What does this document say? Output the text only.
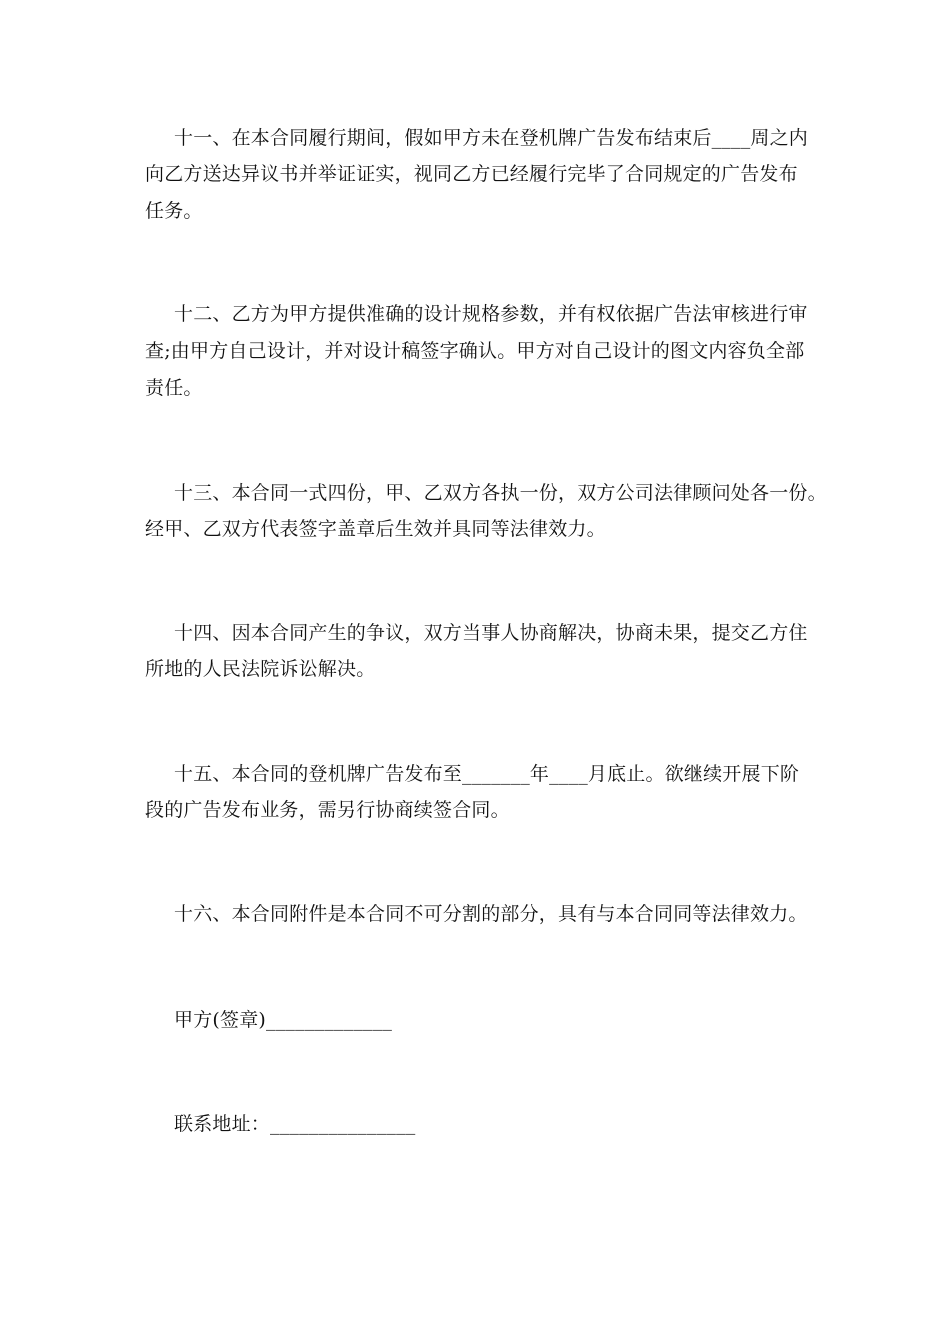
十一、在本合同履行期间，假如甲方未在登机牌广告发布结束后____周之内
向乙方送达异议书并举证证实，视同乙方已经履行完毕了合同规定的广告发布
任务。
十二、乙方为甲方提供准确的设计规格参数，并有权依据广告法审核进行审
查;由甲方自己设计，并对设计稿签字确认。甲方对自己设计的图文内容负全部
责任。
十三、本合同一式四份，甲、乙双方各执一份，双方公司法律顾问处各一份。
经甲、乙双方代表签字盖章后生效并具同等法律效力。
十四、因本合同产生的争议，双方当事人协商解决，协商未果，提交乙方住
所地的人民法院诉讼解决。
十五、本合同的登机牌广告发布至_______年____月底止。欲继续开展下阶
段的广告发布业务，需另行协商续签合同。
十六、本合同附件是本合同不可分割的部分，具有与本合同同等法律效力。
甲方(签章)_____________
联系地址：_______________
